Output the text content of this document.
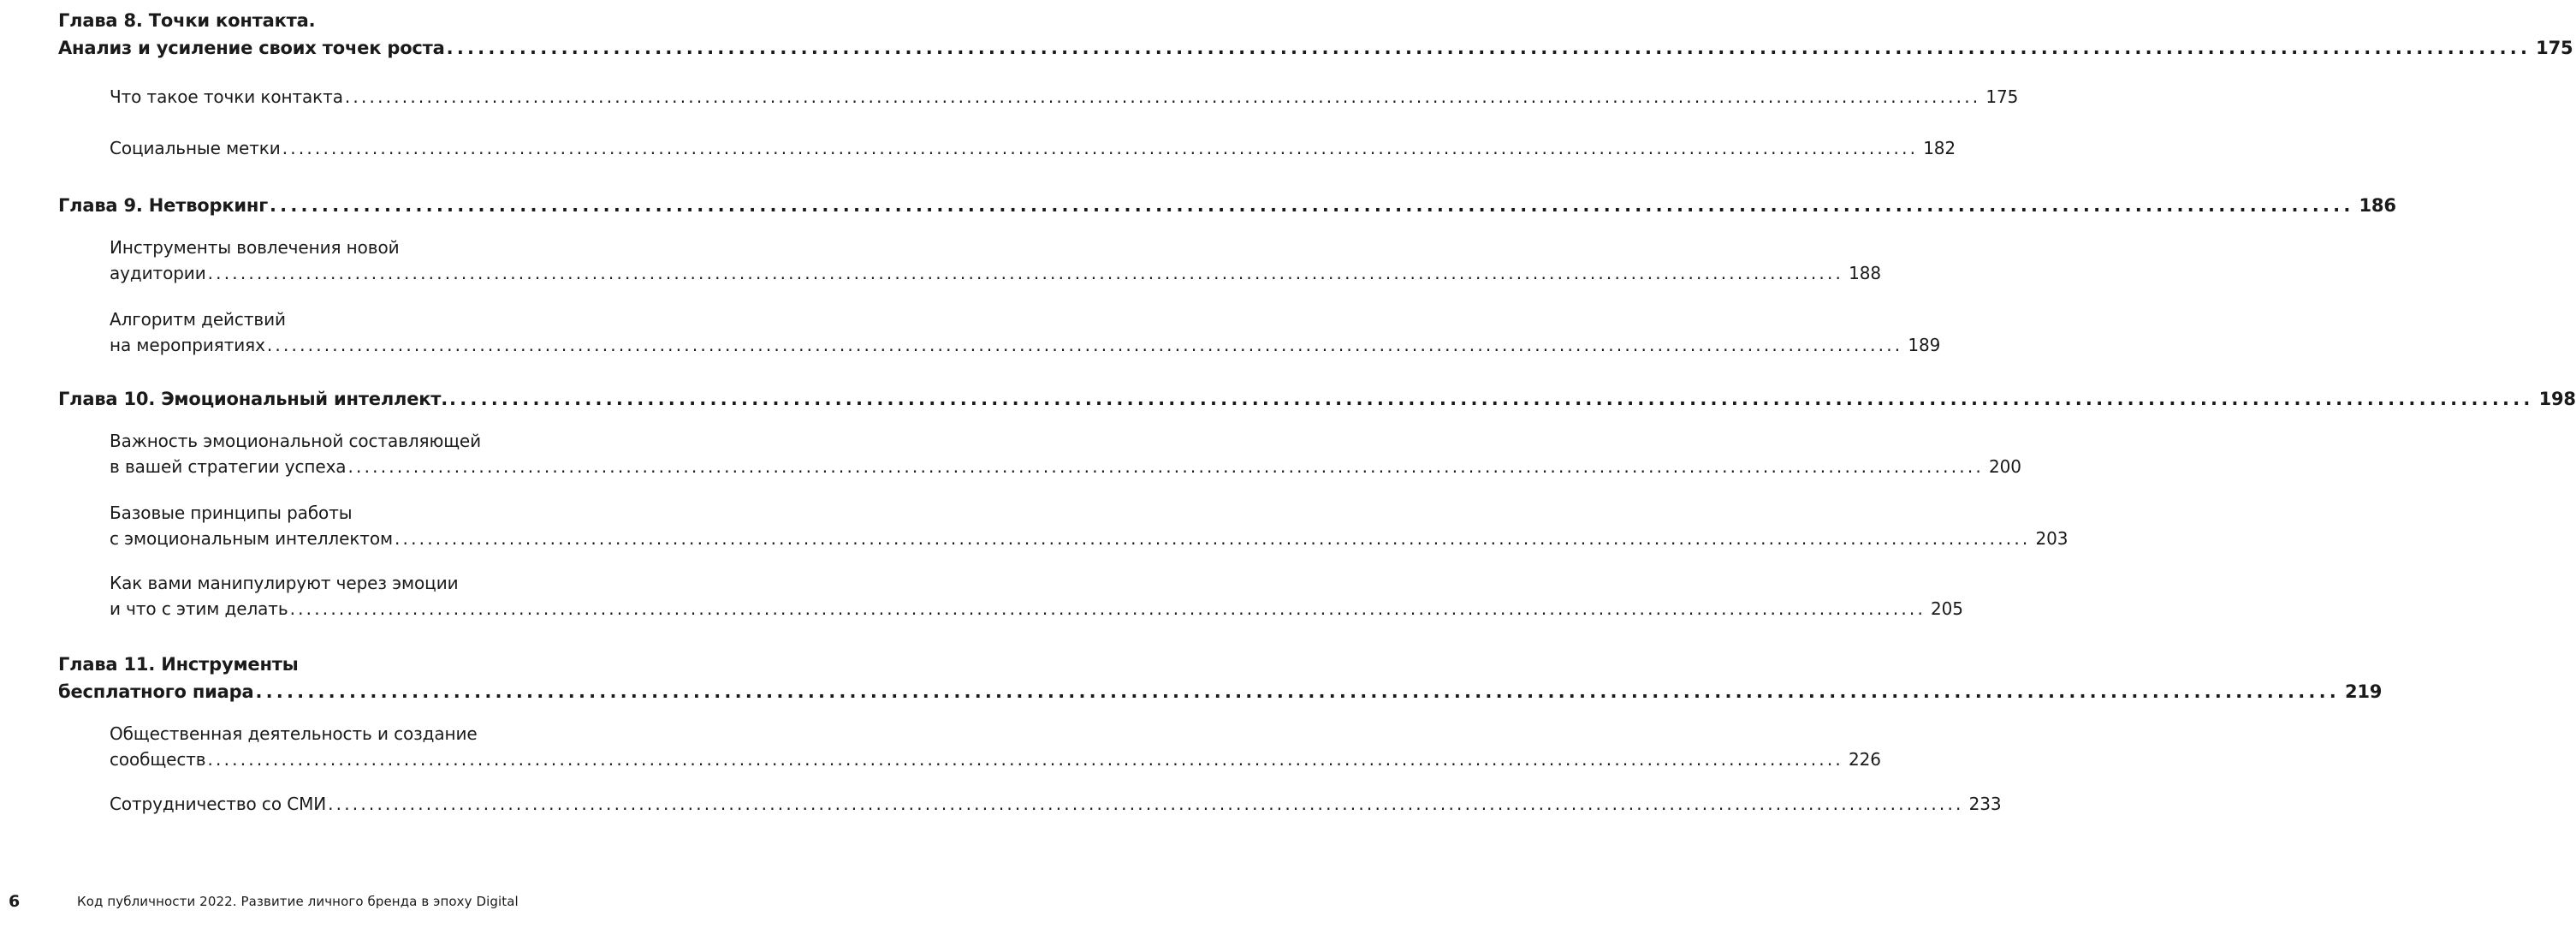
Глава 8. Точки контакта.
Анализ и усиление своих точек роста ........................................................................................................................................................................................................ 175
Что такое точки контакта ........................................................................................................................................................................................................ 175
Социальные метки ........................................................................................................................................................................................................ 182
Глава 9. Нетворкинг ........................................................................................................................................................................................................ 186
Инструменты вовлечения новой
аудитории ........................................................................................................................................................................................................ 188
Алгоритм действий
на мероприятиях ........................................................................................................................................................................................................ 189
Глава 10. Эмоциональный интеллект. ........................................................................................................................................................................................................ 198
Важность эмоциональной составляющей
в вашей стратегии успеха ........................................................................................................................................................................................................ 200
Базовые принципы работы
с эмоциональным интеллектом ........................................................................................................................................................................................................ 203
Как вами манипулируют через эмоции
и что с этим делать ........................................................................................................................................................................................................ 205
Глава 11. Инструменты
бесплатного пиара ........................................................................................................................................................................................................ 219
Общественная деятельность и создание
сообществ ........................................................................................................................................................................................................ 226
Сотрудничество со СМИ ........................................................................................................................................................................................................ 233
6	Код публичности 2022. Развитие личного бренда в эпоху Digital
